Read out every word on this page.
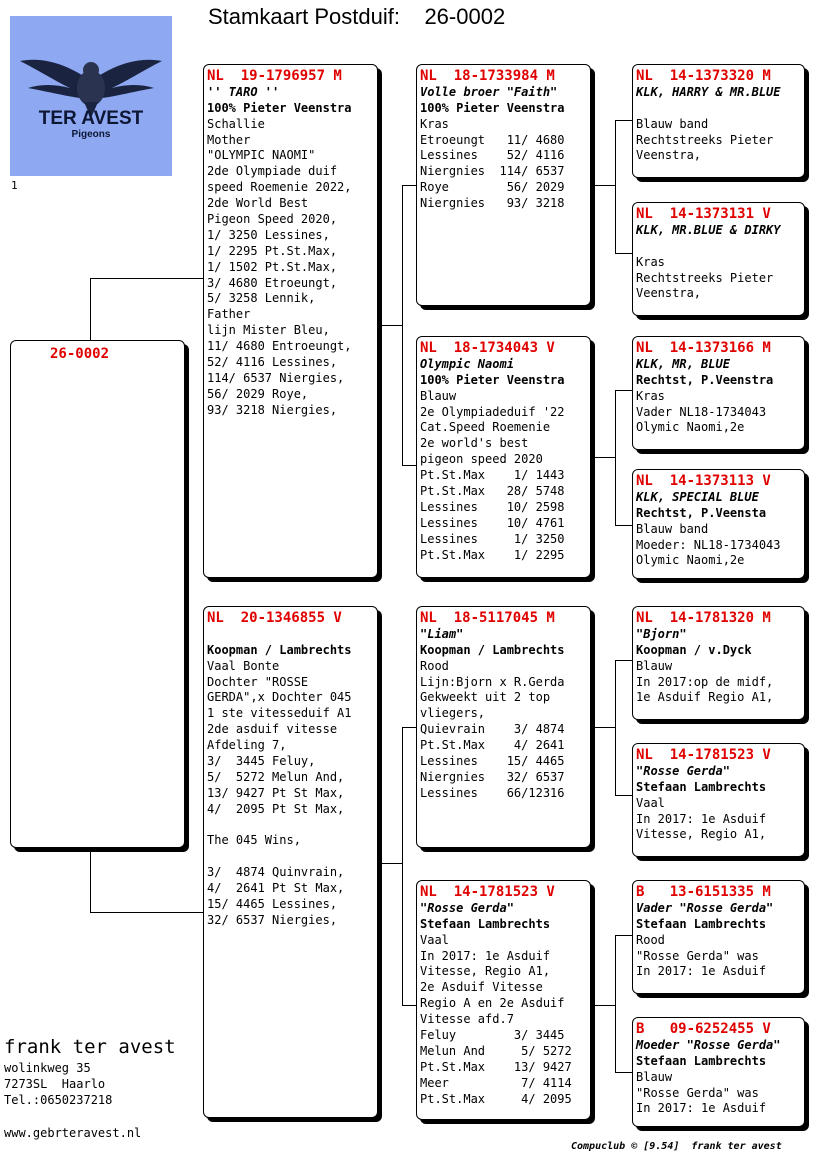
Stamkaart Postduif: 26-0002
TER AVEST
Pigeons
1
26-0002
NL  19-1796957 M
'' TARO ''
100% Pieter Veenstra
Schallie
Mother
"OLYMPIC NAOMI"
2de Olympiade duif
speed Roemenie 2022,
2de World Best
Pigeon Speed 2020,
1/ 3250 Lessines,
1/ 2295 Pt.St.Max,
1/ 1502 Pt.St.Max,
3/ 4680 Etroeungt,
5/ 3258 Lennik,
Father
lijn Mister Bleu,
11/ 4680 Entroeungt,
52/ 4116 Lessines,
114/ 6537 Niergies,
56/ 2029 Roye,
93/ 3218 Niergies,
NL  20-1346855 V
Koopman / Lambrechts
Vaal Bonte
Dochter "ROSSE
GERDA",x Dochter 045
1 ste vitesseduif A1
2de asduif vitesse
Afdeling 7,
3/  3445 Feluy,
5/  5272 Melun And,
13/ 9427 Pt St Max,
4/  2095 Pt St Max,
The 045 Wins,
3/  4874 Quinvrain,
4/  2641 Pt St Max,
15/ 4465 Lessines,
32/ 6537 Niergies,
NL  18-1733984 M
Volle broer "Faith"
100% Pieter Veenstra
Kras
Etroeungt   11/ 4680
Lessines    52/ 4116
Niergnies  114/ 6537
Roye        56/ 2029
Niergnies   93/ 3218
NL  18-1734043 V
Olympic Naomi
100% Pieter Veenstra
Blauw
2e Olympiadeduif '22
Cat.Speed Roemenie
2e world's best
pigeon speed 2020
Pt.St.Max    1/ 1443
Pt.St.Max   28/ 5748
Lessines    10/ 2598
Lessines    10/ 4761
Lessines     1/ 3250
Pt.St.Max    1/ 2295
NL  18-5117045 M
"Liam"
Koopman / Lambrechts
Rood
Lijn:Bjorn x R.Gerda
Gekweekt uit 2 top
vliegers,
Quievrain    3/ 4874
Pt.St.Max    4/ 2641
Lessines    15/ 4465
Niergnies   32/ 6537
Lessines    66/12316
NL  14-1781523 V
"Rosse Gerda"
Stefaan Lambrechts
Vaal
In 2017: 1e Asduif
Vitesse, Regio A1,
2e Asduif Vitesse
Regio A en 2e Asduif
Vitesse afd.7
Feluy        3/ 3445
Melun And     5/ 5272
Pt.St.Max    13/ 9427
Meer          7/ 4114
Pt.St.Max     4/ 2095
NL  14-1373320 M
KLK, HARRY & MR.BLUE
Blauw band
Rechtstreeks Pieter
Veenstra,
NL  14-1373131 V
KLK, MR.BLUE & DIRKY
Kras
Rechtstreeks Pieter
Veenstra,
NL  14-1373166 M
KLK, MR, BLUE
Rechtst, P.Veenstra
Kras
Vader NL18-1734043
Olymic Naomi,2e
NL  14-1373113 V
KLK, SPECIAL BLUE
Rechtst, P.Veensta
Blauw band
Moeder: NL18-1734043
Olymic Naomi,2e
NL  14-1781320 M
"Bjorn"
Koopman / v.Dyck
Blauw
In 2017:op de midf,
1e Asduif Regio A1,
NL  14-1781523 V
"Rosse Gerda"
Stefaan Lambrechts
Vaal
In 2017: 1e Asduif
Vitesse, Regio A1,
B   13-6151335 M
Vader "Rosse Gerda"
Stefaan Lambrechts
Rood
"Rosse Gerda" was
In 2017: 1e Asduif
B   09-6252455 V
Moeder "Rosse Gerda"
Stefaan Lambrechts
Blauw
"Rosse Gerda" was
In 2017: 1e Asduif
frank ter avest
wolinkweg 35
7273SL  Haarlo
Tel.:0650237218
www.gebrteravest.nl
Compuclub © [9.54]  frank ter avest
